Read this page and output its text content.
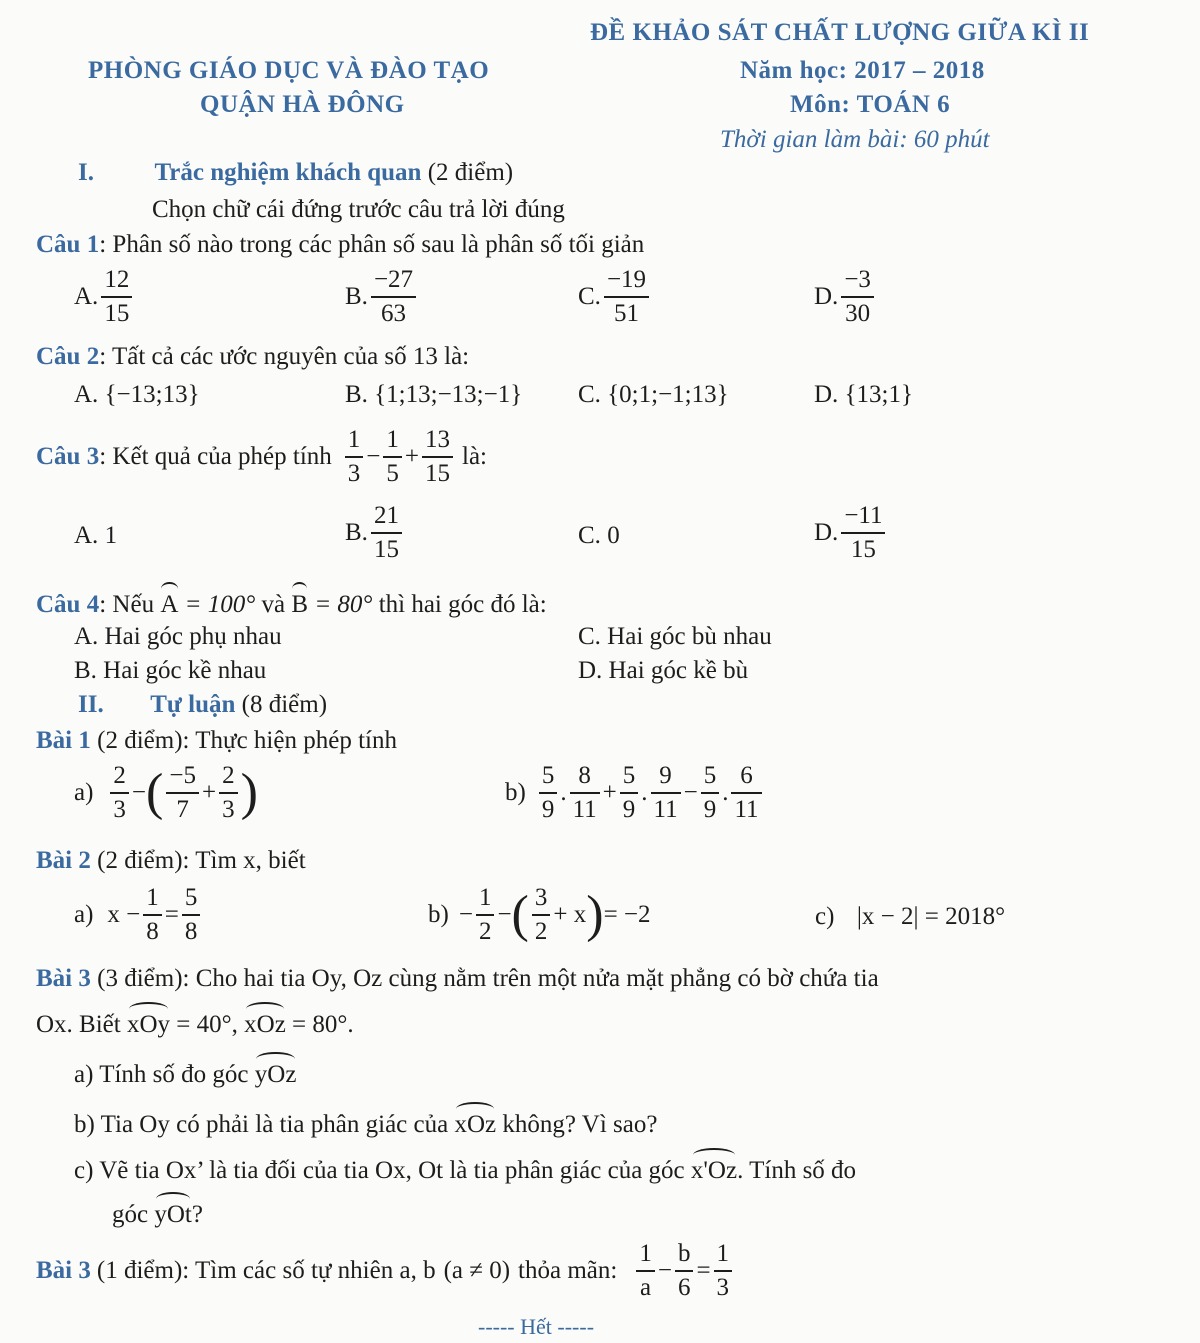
ĐỀ KHẢO SÁT CHẤT LƯỢNG GIỮA KÌ II
PHÒNG GIÁO DỤC VÀ ĐÀO TẠO	Năm học: 2017 – 2018
QUẬN HÀ ĐÔNG	Môn: TOÁN 6
Thời gian làm bài: 60 phút
I. Trắc nghiệm khách quan (2 điểm)
Chọn chữ cái đứng trước câu trả lời đúng
Câu 1: Phân số nào trong các phân số sau là phân số tối giản
A. $\frac{12}{15}$	B. $\frac{-27}{63}$	C. $\frac{-19}{51}$	D. $\frac{-3}{30}$
Câu 2: Tất cả các ước nguyên của số 13 là:
A. {−13;13}	B. {1;13;−13;−1} C. {0;1;−1;13}	D. {13;1}
Câu 3 : Kết quả của phép tính $\frac{1}{3} - \frac{1}{5} + \frac{13}{15}$ là:
A. 1	B. $\frac{21}{15}$	C. 0	D. $\frac{-11}{15}$
Câu 4: Nếu A = 100° và B = 80° thì hai góc đó là:
A. Hai góc phụ nhau	C. Hai góc bù nhau
B. Hai góc kề nhau	D. Hai góc kề bù
II. Tự luận (8 điểm)
Bài 1 (2 điểm): Thực hiện phép tính
$a) \frac{2}{3}$ − ( $\frac{-5}{7} + \frac{2}{3}$ )	$b) \frac{5}{9}$ . $\frac{8}{11} + \frac{5}{9}$ . $\frac{9}{11} - \frac{5}{9}$ . $\frac{6}{11}$
Bài 2 (2 điểm): Tìm x, biết
a) $x - \frac{1}{8} = \frac{5}{8}$	$b) - \frac{1}{2}$ − ( $\frac{3}{2} + x$ ) = −2	c) |x − 2| = 2018°
Bài 3 (3 điểm): Cho hai tia Oy, Oz cùng nằm trên một nửa mặt phẳng có bờ chứa tia
Ox. Biết xOy = 40°, xOz = 80°.
a) Tính số đo góc yOz
b) Tia Oy có phải là tia phân giác của xOz không? Vì sao?
c) Vẽ tia Ox’ là tia đối của tia Ox, Ot là tia phân giác của góc x'Oz. Tính số đo
góc yOt?
Bài 3 (1 điểm): Tìm các số tự nhiên a, b (a ≠ 0) thỏa mãn: $\frac{1}{a} - \frac{b}{6} = \frac{1}{3}$
----- Hết -----
